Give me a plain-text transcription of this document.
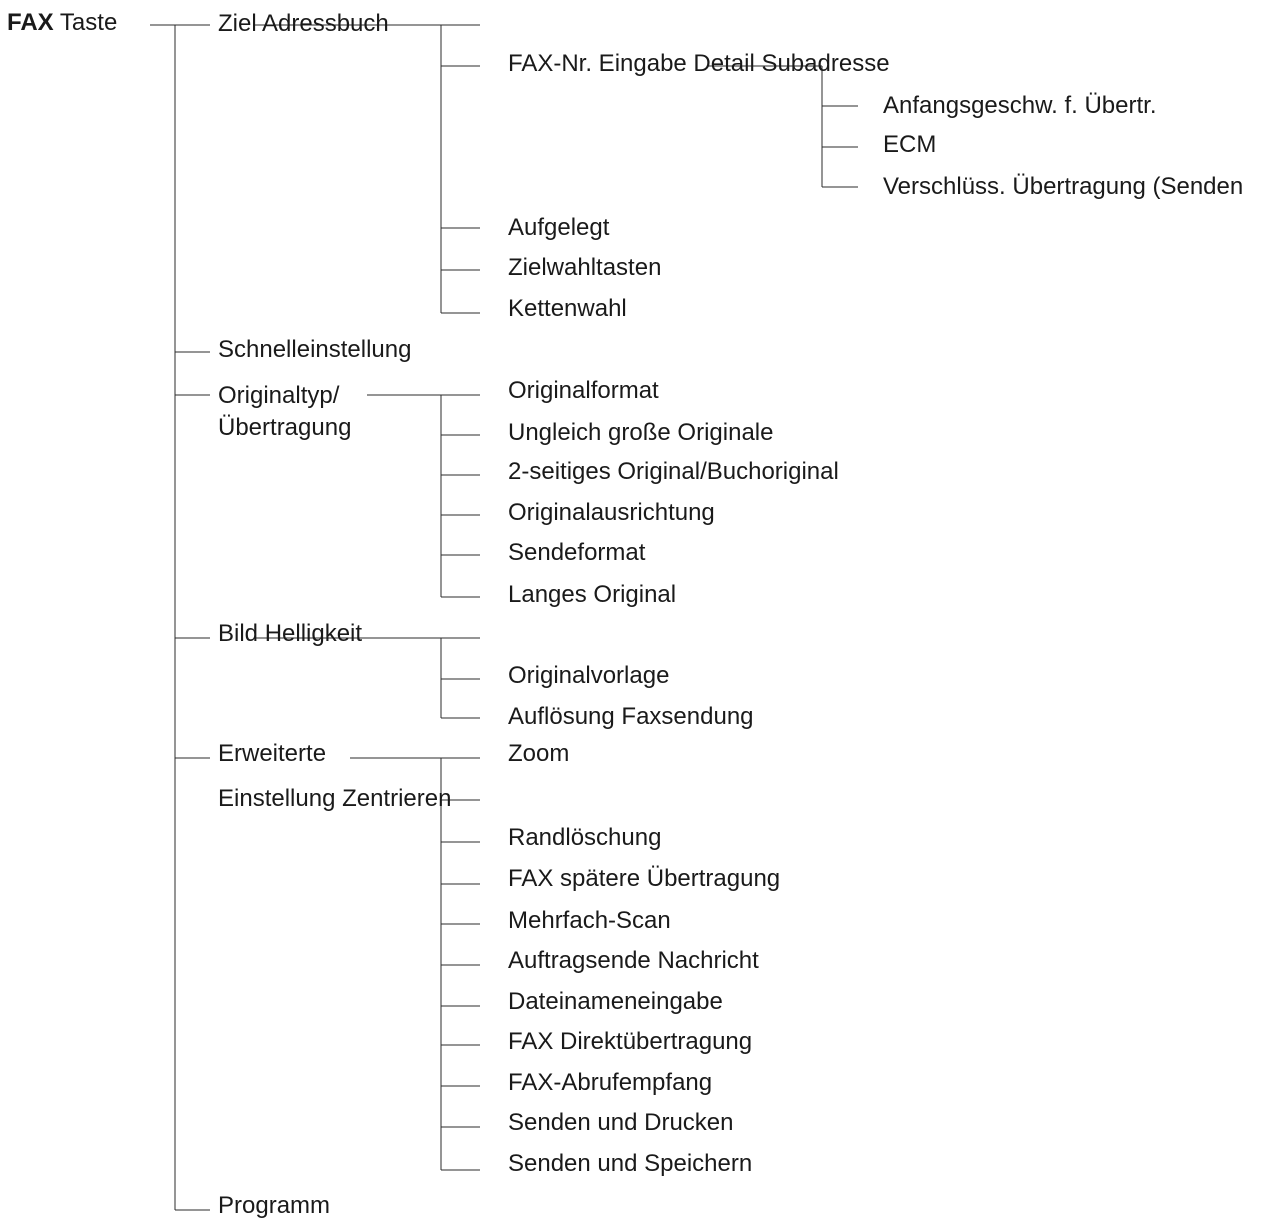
FAX Taste	Ziel Adressbuch
Schnelleinstellung
Originaltyp/
Übertragung
Bild Helligkeit
Erweiterte
Einstellung Zentrieren
Programm
FAX-Nr. Eingabe Detail Subadresse
Aufgelegt
Zielwahltasten
Kettenwahl
Anfangsgeschw. f. Übertr.
ECM
Verschlüss. Übertragung (Senden
Originalformat
Ungleich große Originale
2-seitiges Original/Buchoriginal
Originalausrichtung
Sendeformat
Langes Original
Originalvorlage
Auflösung Faxsendung
Zoom
Randlöschung
FAX spätere Übertragung
Mehrfach-Scan
Auftragsende Nachricht
Dateinameneingabe
FAX Direktübertragung
FAX-Abrufempfang
Senden und Drucken
Senden und Speichern
